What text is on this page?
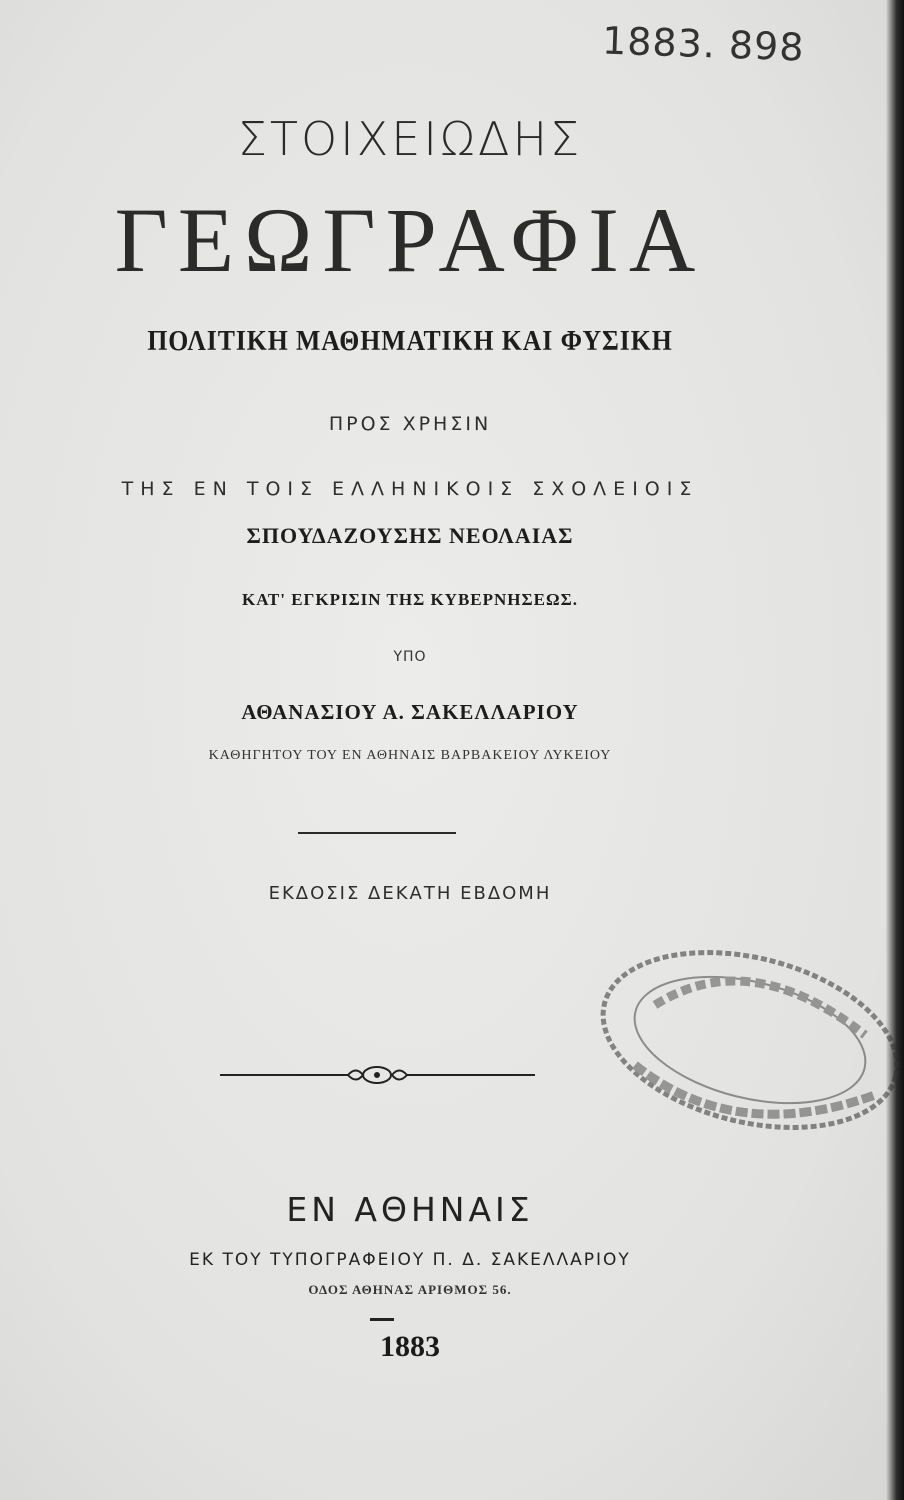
1883. 898
ΣΤΟΙΧΕΙΩΔΗΣ
ΓΕΩΓΡΑΦΙΑ
ΠΟΛΙΤΙΚΗ ΜΑΘΗΜΑΤΙΚΗ ΚΑΙ ΦΥΣΙΚΗ
ΠΡΟΣ ΧΡΗΣΙΝ
ΤΗΣ ΕΝ ΤΟΙΣ ΕΛΛΗΝΙΚΟΙΣ ΣΧΟΛΕΙΟΙΣ
ΣΠΟΥΔΑΖΟΥΣΗΣ ΝΕΟΛΑΙΑΣ
ΚΑΤ' ΕΓΚΡΙΣΙΝ ΤΗΣ ΚΥΒΕΡΝΗΣΕΩΣ.
ΥΠΟ
ΑΘΑΝΑΣΙΟΥ Α. ΣΑΚΕΛΛΑΡΙΟΥ
ΚΑΘΗΓΗΤΟΥ ΤΟΥ ΕΝ ΑΘΗΝΑΙΣ ΒΑΡΒΑΚΕΙΟΥ ΛΥΚΕΙΟΥ
ΕΚΔΟΣΙΣ ΔΕΚΑΤΗ ΕΒΔΟΜΗ
ΕΝ ΑΘΗΝΑΙΣ
ΕΚ ΤΟΥ ΤΥΠΟΓΡΑΦΕΙΟΥ Π. Δ. ΣΑΚΕΛΛΑΡΙΟΥ
ΟΔΟΣ ΑΘΗΝΑΣ ΑΡΙΘΜΟΣ 56.
1883
